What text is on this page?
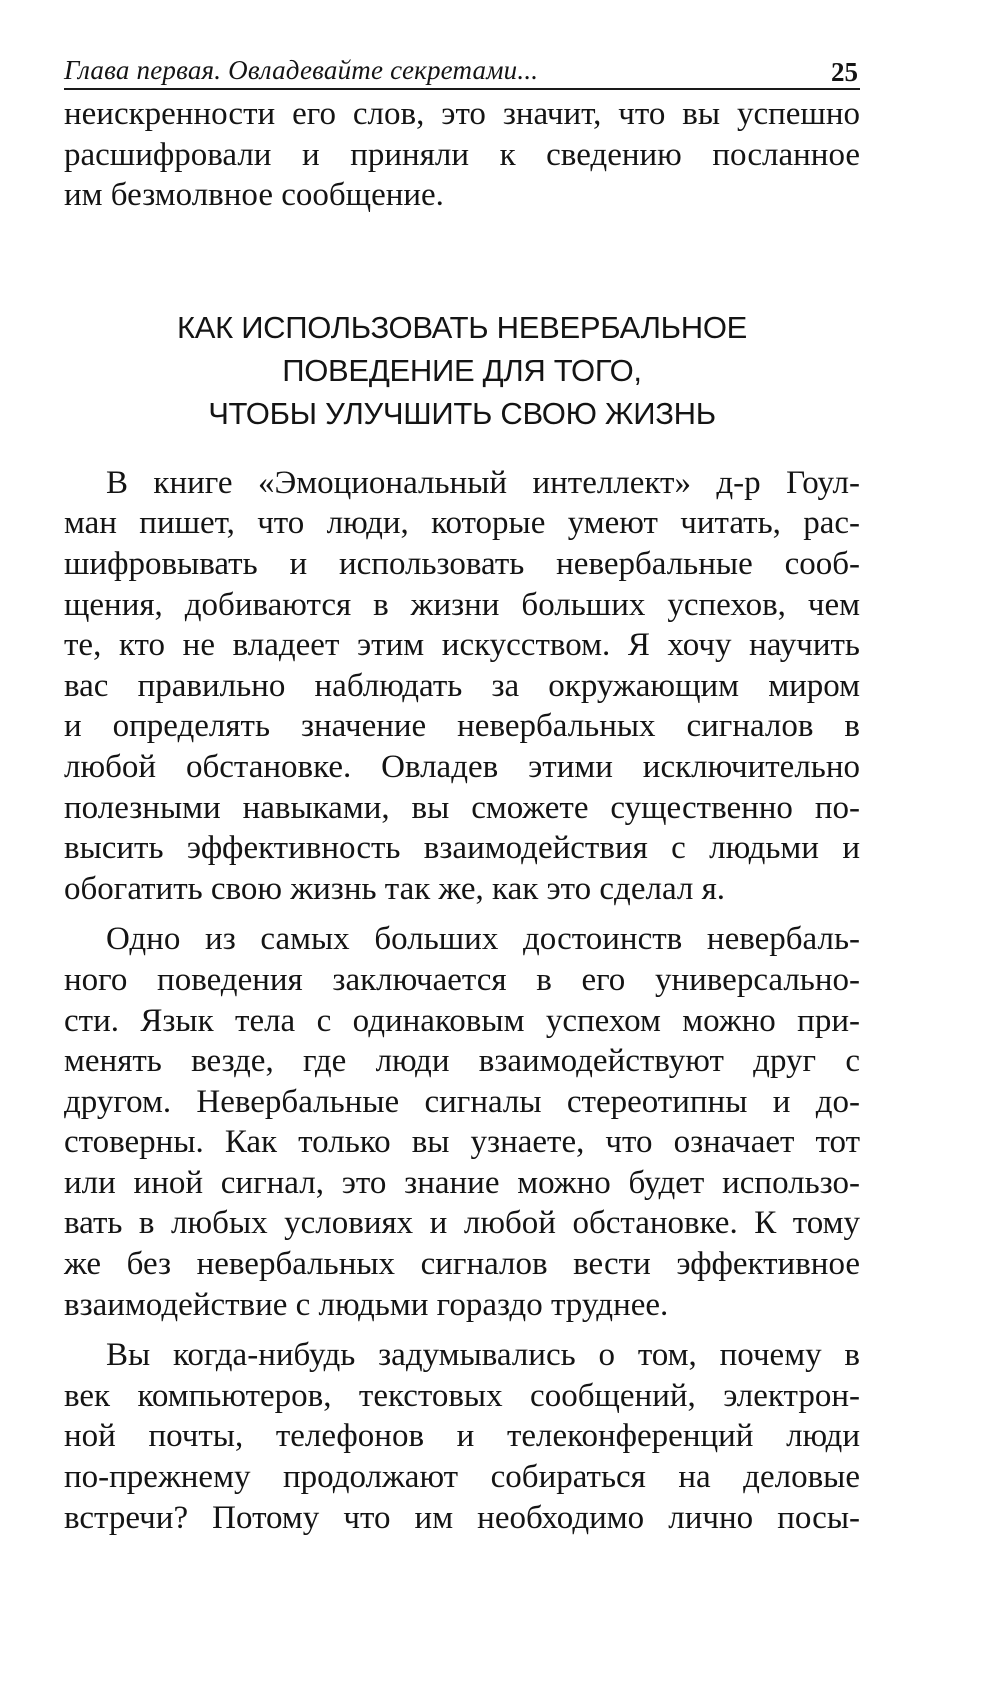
Глава первая. Овладевайте секретами...	25

неискренности его слов, это значит, что вы успешно
расшифровали и приняли к сведению посланное
им безмолвное сообщение.

КАК ИСПОЛЬЗОВАТЬ НЕВЕРБАЛЬНОЕ
ПОВЕДЕНИЕ ДЛЯ ТОГО,
ЧТОБЫ УЛУЧШИТЬ СВОЮ ЖИЗНЬ

В книге «Эмоциональный интеллект» д-р Гоул-
ман пишет, что люди, которые умеют читать, рас-
шифровывать и использовать невербальные сооб-
щения, добиваются в жизни больших успехов, чем
те, кто не владеет этим искусством. Я хочу научить
вас правильно наблюдать за окружающим миром
и определять значение невербальных сигналов в
любой обстановке. Овладев этими исключительно
полезными навыками, вы сможете существенно по-
высить эффективность взаимодействия с людьми и
обогатить свою жизнь так же, как это сделал я.

Одно из самых больших достоинств невербаль-
ного поведения заключается в его универсально-
сти. Язык тела с одинаковым успехом можно при-
менять везде, где люди взаимодействуют друг с
другом. Невербальные сигналы стереотипны и до-
стоверны. Как только вы узнаете, что означает тот
или иной сигнал, это знание можно будет использо-
вать в любых условиях и любой обстановке. К тому
же без невербальных сигналов вести эффективное
взаимодействие с людьми гораздо труднее.

Вы когда-нибудь задумывались о том, почему в
век компьютеров, текстовых сообщений, электрон-
ной почты, телефонов и телеконференций люди
по-прежнему продолжают собираться на деловые
встречи? Потому что им необходимо лично посы-
